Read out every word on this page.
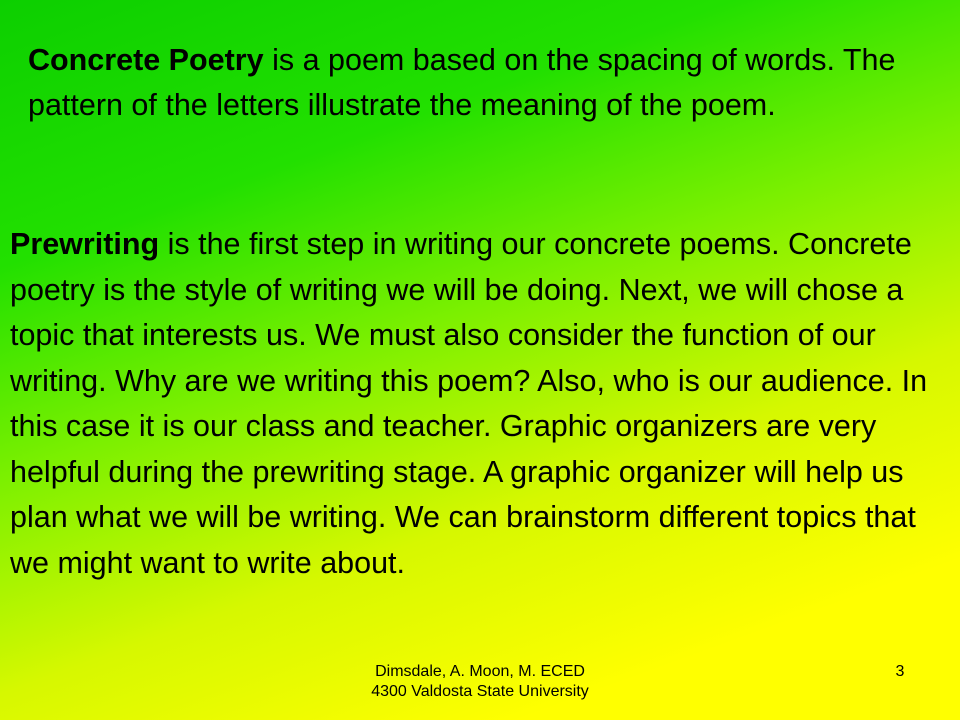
Concrete Poetry is a poem based on the spacing of words. The pattern of the letters illustrate the meaning of the poem.

Prewriting is the first step in writing our concrete poems. Concrete poetry is the style of writing we will be doing. Next, we will chose a topic that interests us. We must also consider the function of our writing. Why are we writing this poem? Also, who is our audience. In this case it is our class and teacher. Graphic organizers are very helpful during the prewriting stage. A graphic organizer will help us plan what we will be writing. We can brainstorm different topics that we might want to write about.

Dimsdale, A. Moon, M. ECED
4300 Valdosta State University
3
